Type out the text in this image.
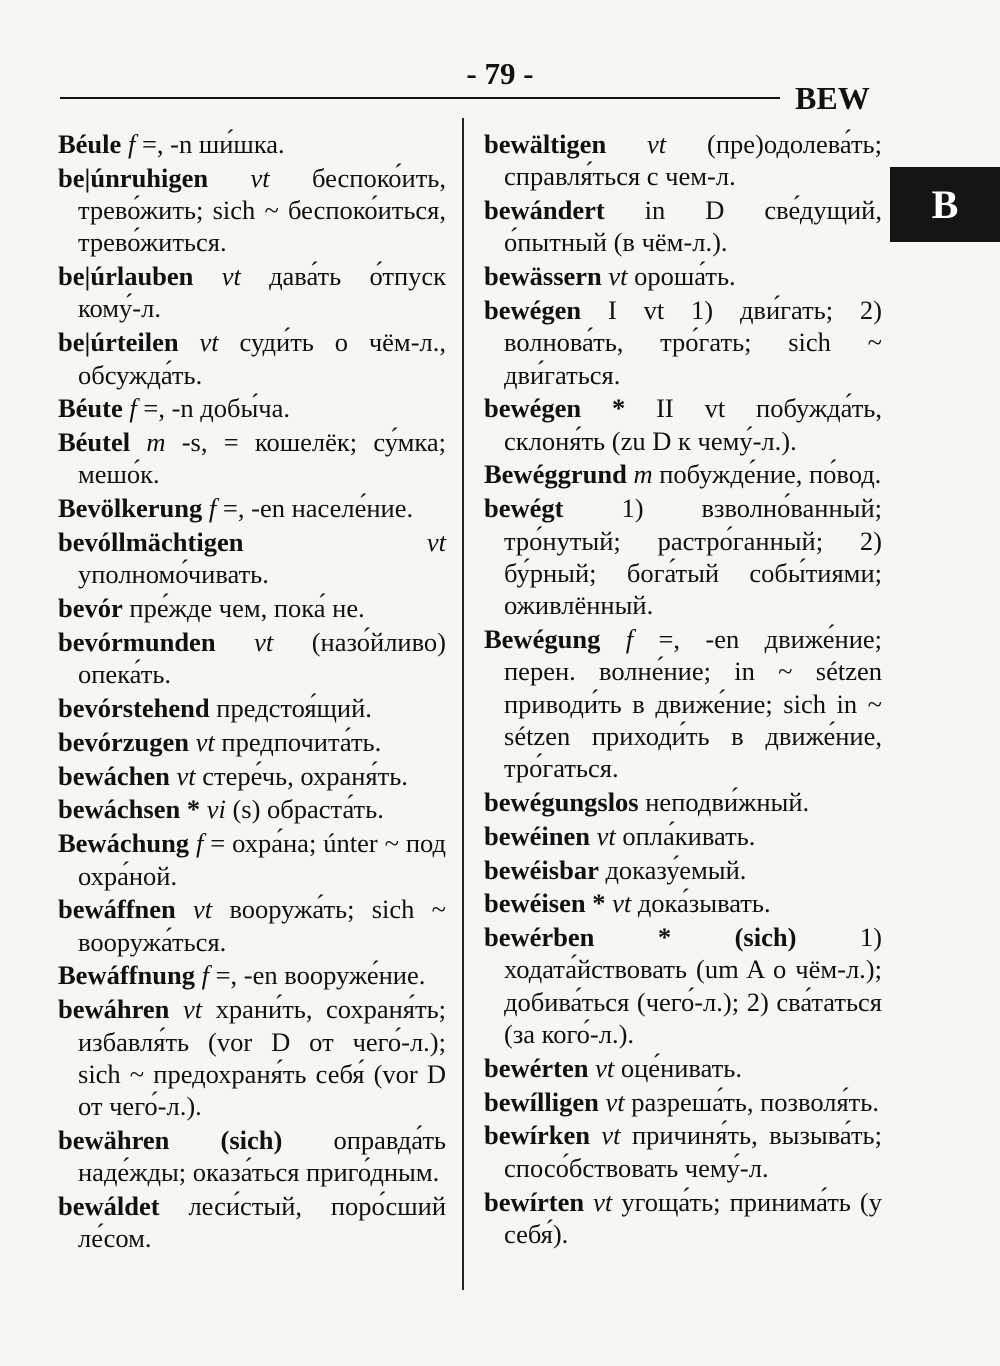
- 79 -
BEW
B

Béule f =, -n ши́шка.

be|únruhigen vt беспоко́ить, трево́жить; sich ~ беспоко́иться, трево́житься.

be|úrlauben vt дава́ть о́тпуск кому́-л.

be|úrteilen vt суди́ть о чём-л., обсужда́ть.

Béute f =, -n добы́ча.

Béutel m -s, = кошелёк; су́мка; мешо́к.

Bevölkerung f =, -en населе́ние.

bevóllmächtigen	vt уполномо́чивать.

bevór пре́жде чем, пока́ не.

bevórmunden vt (назо́йливо) опека́ть.

bevórstehend предстоя́щий.

bevórzugen vt предпочита́ть.

bewáchen vt стере́чь, охраня́ть.

bewáchsen * vi (s) обраста́ть.

Bewáchung f = охра́на; únter ~ под охра́ной.

bewáffnen vt вооружа́ть; sich ~ вооружа́ться.

Bewáffnung f =, -en вооруже́ние.

bewáhren vt храни́ть, сохраня́ть; избавля́ть (vor D от чего́-л.); sich ~ предохраня́ть себя́ (vor D от чего́-л.).

bewähren (sich) оправда́ть наде́жды; оказа́ться приго́дным.

bewáldet леси́стый, поро́сший ле́сом.

bewältigen vt (пре)одолева́ть; справля́ться с чем-л.

bewándert in D све́дущий, о́пытный (в чём-л.).

bewässern vt ороша́ть.

bewégen I vt 1) дви́гать; 2) волнова́ть, тро́гать; sich ~ дви́гаться.

bewégen * II vt побужда́ть, склоня́ть (zu D к чему́-л.).

Bewéggrund m побужде́ние, по́вод.

bewégt 1) взволно́ванный; тро́нутый; растро́ганный; 2) бу́рный; бога́тый собы́тиями; оживлённый.

Bewégung f =, -en движе́ние; перен. волне́ние; in ~ sétzen приводи́ть в движе́ние; sich in ~ sétzen приходи́ть в движе́ние, тро́гаться.

bewégungslos неподви́жный.

bewéinen vt опла́кивать.

bewéisbar доказу́емый.

bewéisen * vt дока́зывать.

bewérben * (sich) 1) ходата́йствовать (um A о чём-л.); добива́ться (чего́-л.); 2) сва́таться (за кого́-л.).

bewérten vt оце́нивать.

bewílligen vt разреша́ть, позволя́ть.

bewírken vt причиня́ть, вызыва́ть; спосо́бствовать чему́-л.

bewírten vt угоща́ть; принима́ть (у себя́).
